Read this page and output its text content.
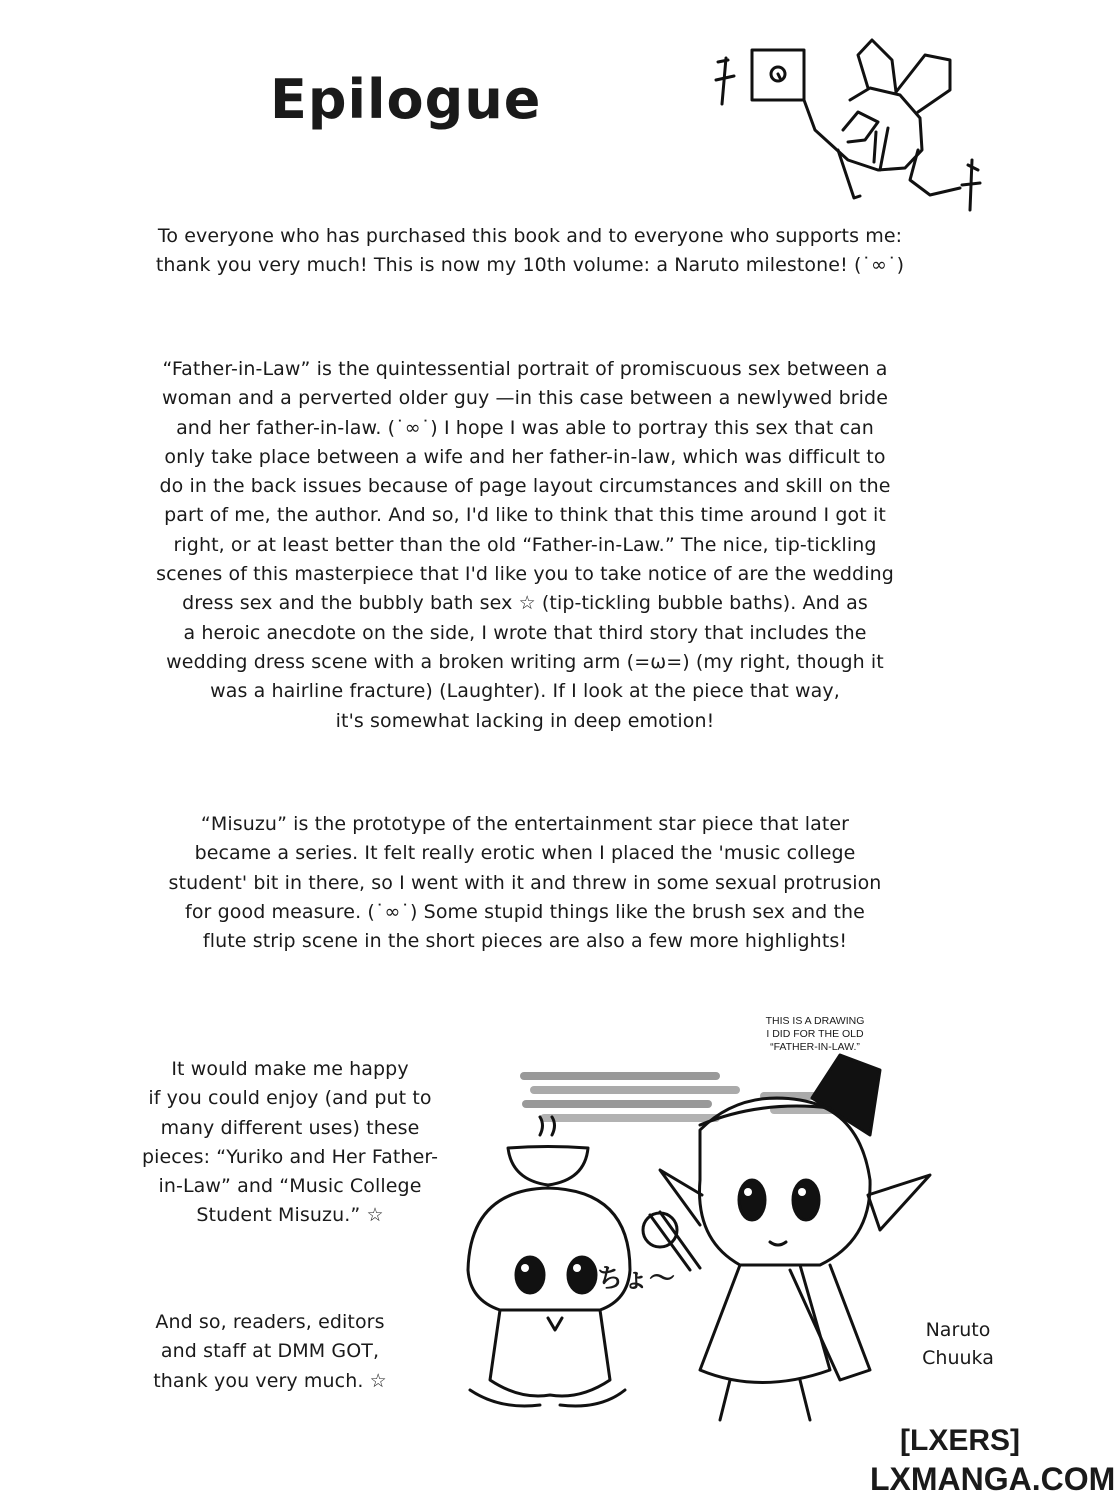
Epilogue
To everyone who has purchased this book and to everyone who supports me:
thank you very much! This is now my 10th volume: a Naruto milestone! (˙∞˙)
“Father-in-Law” is the quintessential portrait of promiscuous sex between a
woman and a perverted older guy —in this case between a newlywed bride
and her father-in-law. (˙∞˙) I hope I was able to portray this sex that can
only take place between a wife and her father-in-law, which was difficult to
do in the back issues because of page layout circumstances and skill on the
part of me, the author. And so, I'd like to think that this time around I got it
right, or at least better than the old “Father-in-Law.” The nice, tip-tickling
scenes of this masterpiece that I'd like you to take notice of are the wedding
dress sex and the bubbly bath sex ☆ (tip-tickling bubble baths). And as
a heroic anecdote on the side, I wrote that third story that includes the
wedding dress scene with a broken writing arm (=ω=) (my right, though it
was a hairline fracture) (Laughter). If I look at the piece that way,
it's somewhat lacking in deep emotion!
“Misuzu” is the prototype of the entertainment star piece that later
became a series. It felt really erotic when I placed the 'music college
student' bit in there, so I went with it and threw in some sexual protrusion
for good measure. (˙∞˙) Some stupid things like the brush sex and the
flute strip scene in the short pieces are also a few more highlights!
THIS IS A DRAWING
I DID FOR THE OLD
“FATHER-IN-LAW.”
It would make me happy
if you could enjoy (and put to
many different uses) these
pieces: “Yuriko and Her Father-
in-Law” and “Music College
Student Misuzu.” ☆
ちょ～
And so, readers, editors
and staff at DMM GOT,
thank you very much. ☆
Naruto
Chuuka
[LXERS]
LXMANGA.COM
